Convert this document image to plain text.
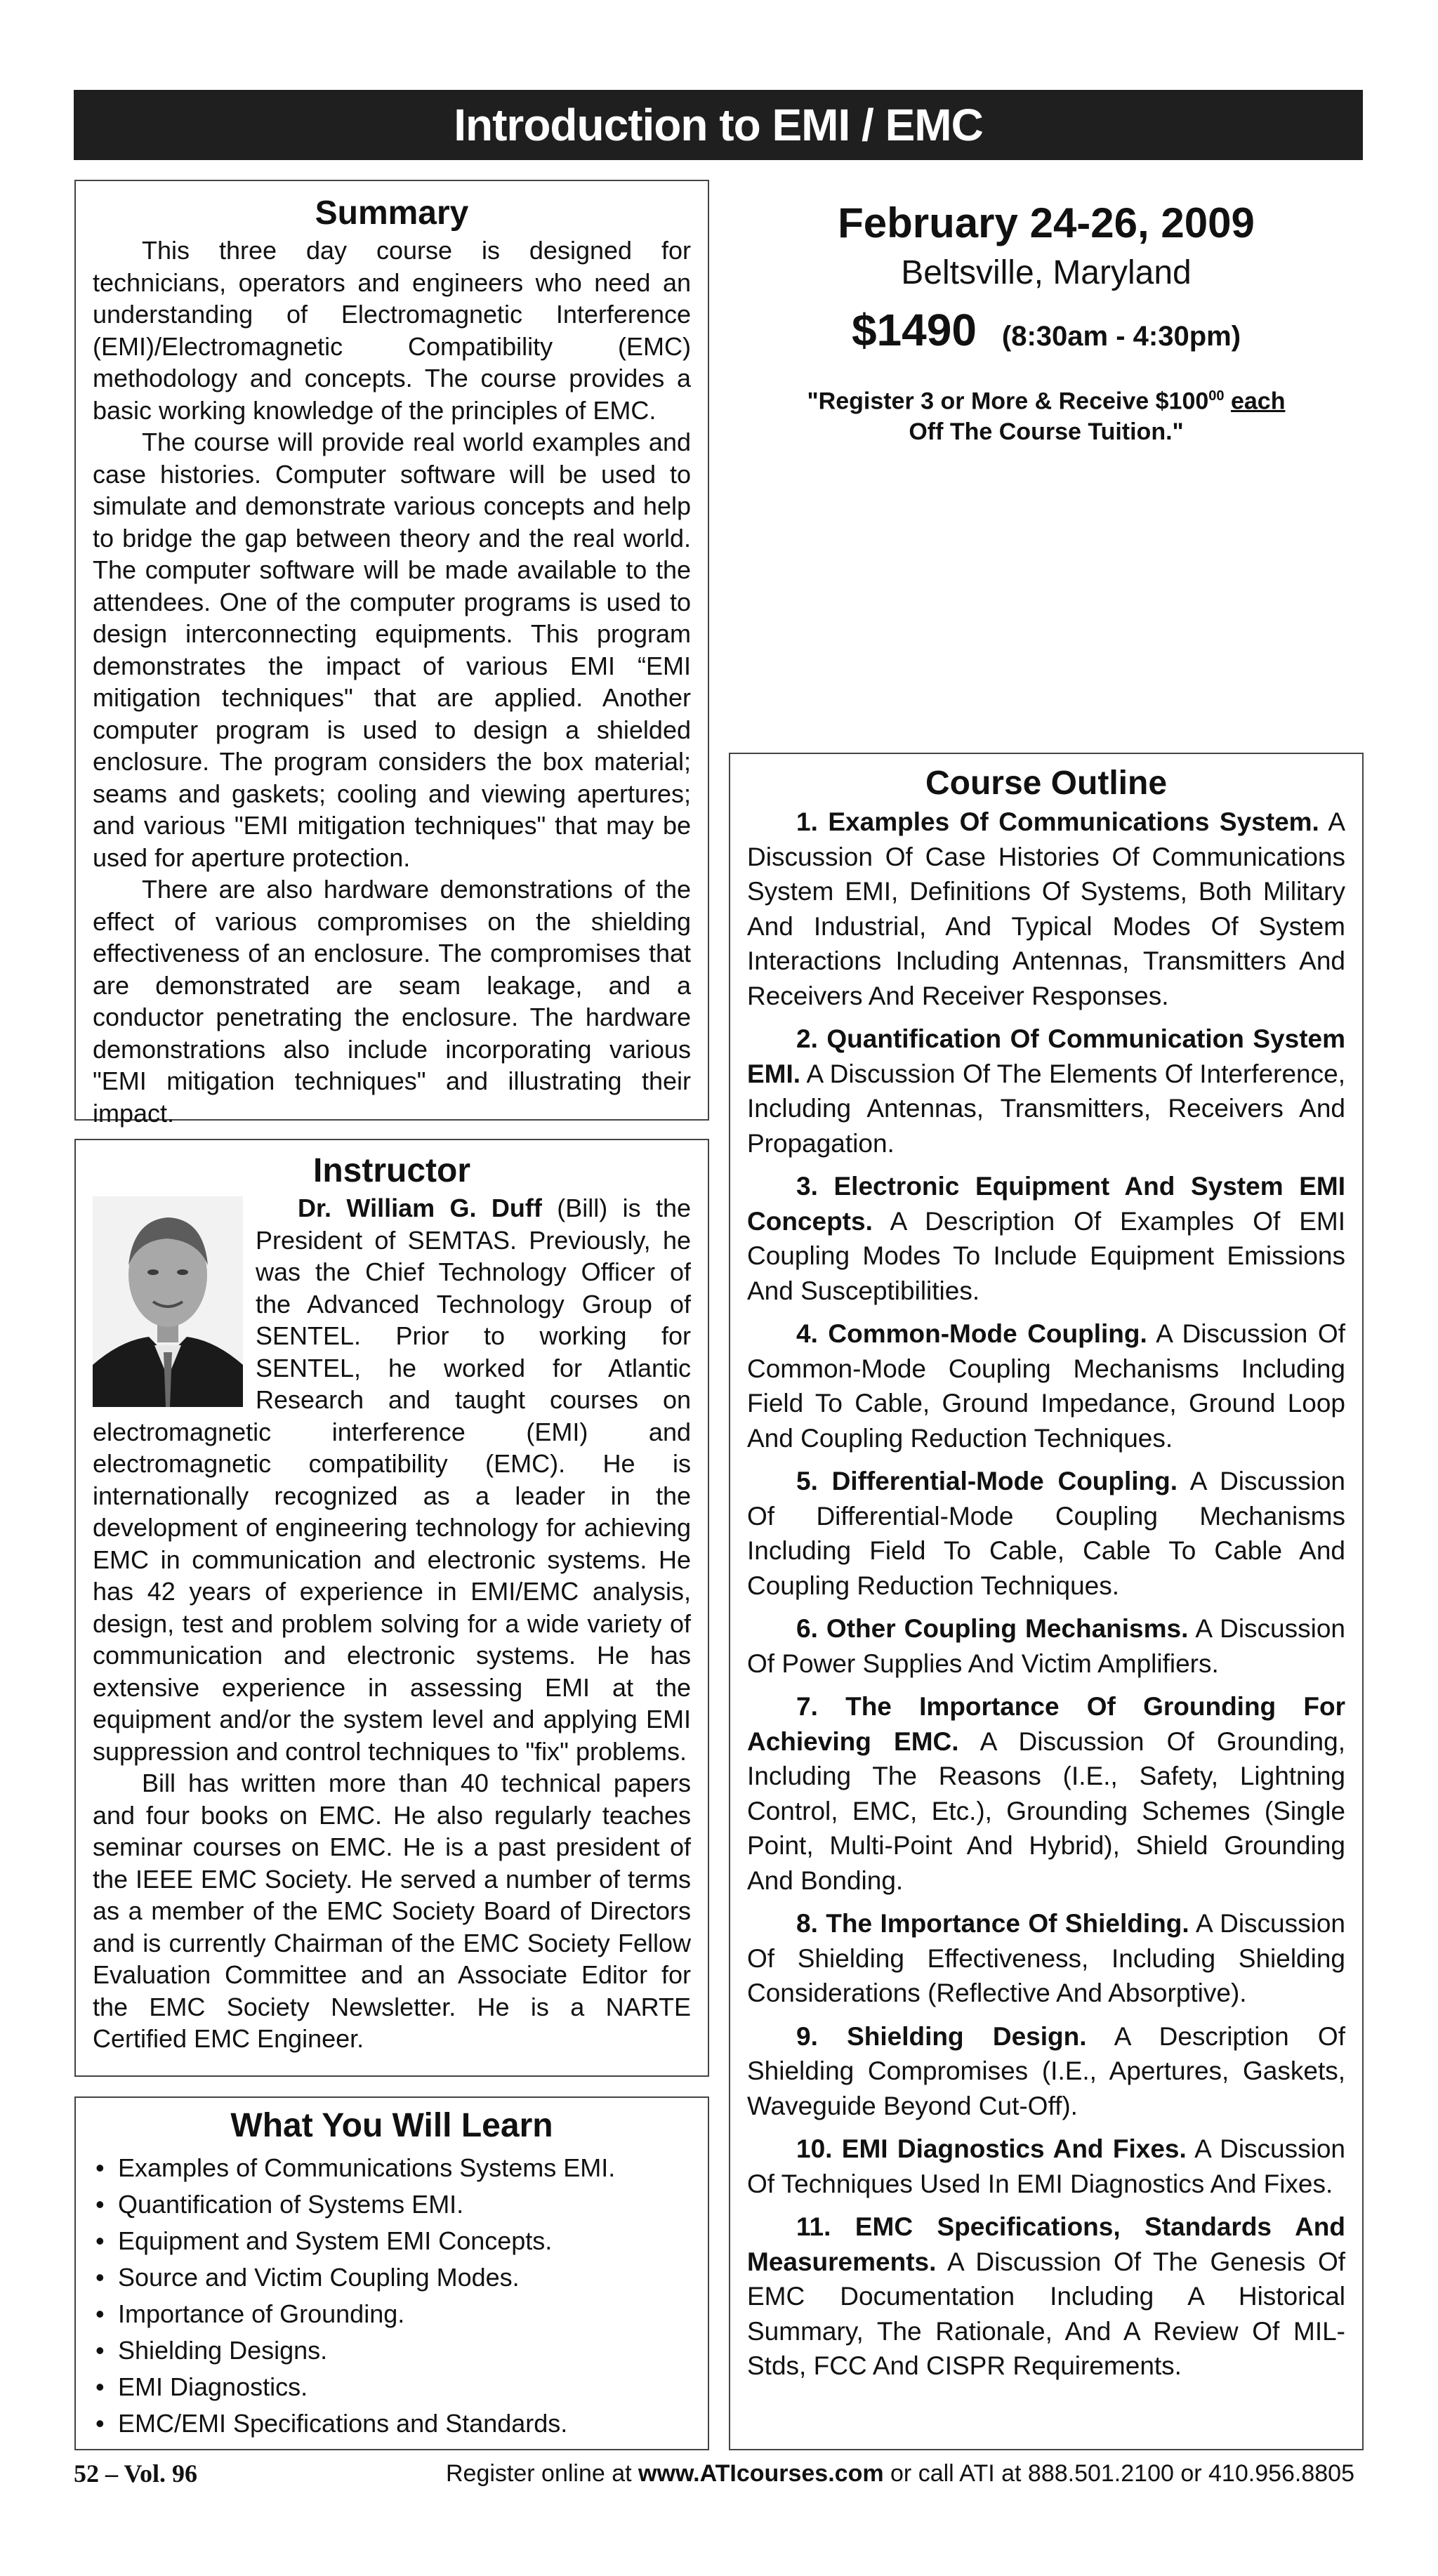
Introduction to EMI / EMC
Summary

This three day course is designed for technicians, operators and engineers who need an understanding of Electromagnetic Interference (EMI)/Electromagnetic Compatibility (EMC) methodology and concepts. The course provides a basic working knowledge of the principles of EMC.

The course will provide real world examples and case histories. Computer software will be used to simulate and demonstrate various concepts and help to bridge the gap between theory and the real world. The computer software will be made available to the attendees. One of the computer programs is used to design interconnecting equipments. This program demonstrates the impact of various EMI “EMI mitigation techniques" that are applied. Another computer program is used to design a shielded enclosure. The program considers the box material; seams and gaskets; cooling and viewing apertures; and various "EMI mitigation techniques" that may be used for aperture protection.

There are also hardware demonstrations of the effect of various compromises on the shielding effectiveness of an enclosure. The compromises that are demonstrated are seam leakage, and a conductor penetrating the enclosure. The hardware demonstrations also include incorporating various "EMI mitigation techniques" and illustrating their impact.

February 24-26, 2009
Beltsville, Maryland
$1490 (8:30am - 4:30pm)
"Register 3 or More & Receive $\$100^{00}$ each
Off The Course Tuition."
Instructor

Dr. William G. Duff (Bill) is the President of SEMTAS. Previously, he was the Chief Technology Officer of the Advanced Technology Group of SENTEL. Prior to working for SENTEL, he worked for Atlantic Research and taught courses on electromagnetic interference (EMI) and electromagnetic compatibility (EMC). He is internationally recognized as a leader in the development of engineering technology for achieving EMC in communication and electronic systems. He has 42 years of experience in EMI/EMC analysis, design, test and problem solving for a wide variety of communication and electronic systems. He has extensive experience in assessing EMI at the equipment and/or the system level and applying EMI suppression and control techniques to "fix" problems.

Bill has written more than 40 technical papers and four books on EMC. He also regularly teaches seminar courses on EMC. He is a past president of the IEEE EMC Society. He served a number of terms as a member of the EMC Society Board of Directors and is currently Chairman of the EMC Society Fellow Evaluation Committee and an Associate Editor for the EMC Society Newsletter. He is a NARTE Certified EMC Engineer.

What You Will Learn
• Examples of Communications Systems EMI.
• Quantification of Systems EMI.
• Equipment and System EMI Concepts.
• Source and Victim Coupling Modes.
• Importance of Grounding.
• Shielding Designs.
• EMI Diagnostics.
• EMC/EMI Specifications and Standards.
Course Outline

1. Examples Of Communications System. A Discussion Of Case Histories Of Communications System EMI, Definitions Of Systems, Both Military And Industrial, And Typical Modes Of System Interactions Including Antennas, Transmitters And Receivers And Receiver Responses.

2. Quantification Of Communication System EMI. A Discussion Of The Elements Of Interference, Including Antennas, Transmitters, Receivers And Propagation.

3. Electronic Equipment And System EMI Concepts. A Description Of Examples Of EMI Coupling Modes To Include Equipment Emissions And Susceptibilities.

4. Common-Mode Coupling. A Discussion Of Common-Mode Coupling Mechanisms Including Field To Cable, Ground Impedance, Ground Loop And Coupling Reduction Techniques.

5. Differential-Mode Coupling. A Discussion Of Differential-Mode Coupling Mechanisms Including Field To Cable, Cable To Cable And Coupling Reduction Techniques.

6. Other Coupling Mechanisms. A Discussion Of Power Supplies And Victim Amplifiers.

7. The Importance Of Grounding For Achieving EMC. A Discussion Of Grounding, Including The Reasons (I.E., Safety, Lightning Control, EMC, Etc.), Grounding Schemes (Single Point, Multi-Point And Hybrid), Shield Grounding And Bonding.

8. The Importance Of Shielding. A Discussion Of Shielding Effectiveness, Including Shielding Considerations (Reflective And Absorptive).

9. Shielding Design. A Description Of Shielding Compromises (I.E., Apertures, Gaskets, Waveguide Beyond Cut-Off).

10. EMI Diagnostics And Fixes. A Discussion Of Techniques Used In EMI Diagnostics And Fixes.

11. EMC Specifications, Standards And Measurements. A Discussion Of The Genesis Of EMC Documentation Including A Historical Summary, The Rationale, And A Review Of MIL-Stds, FCC And CISPR Requirements.

52 – Vol. 96	Register online at www.ATIcourses.com or call ATI at 888.501.2100 or 410.956.8805
